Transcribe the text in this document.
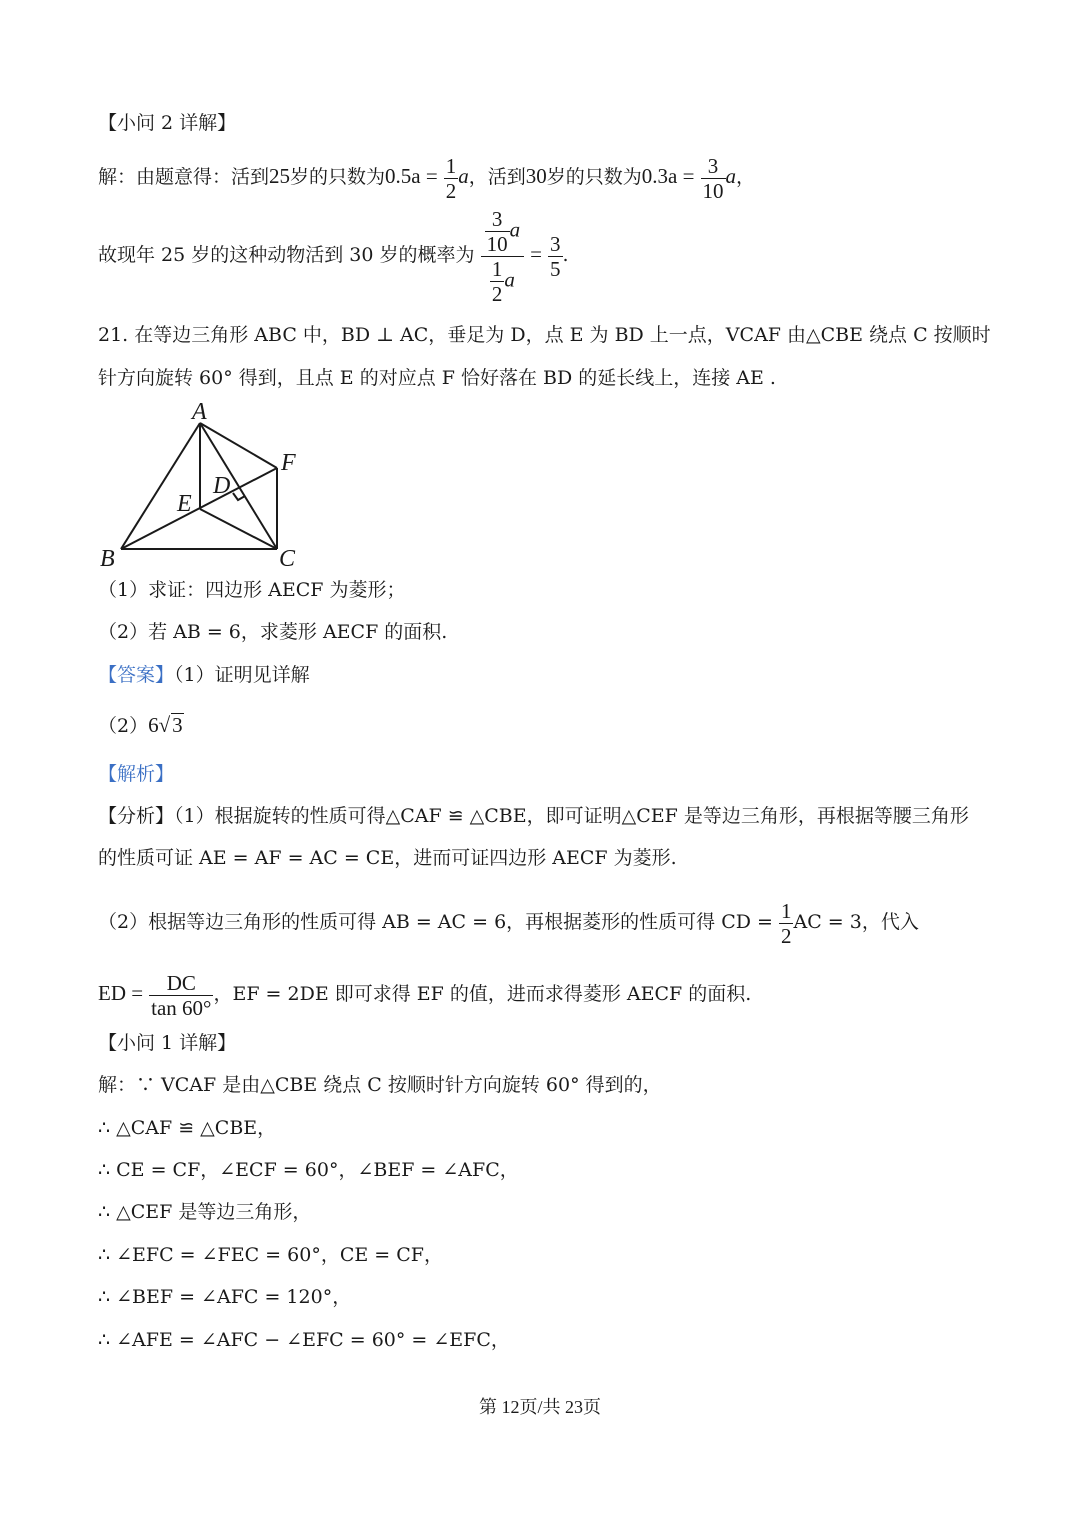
【小问 2 详解】
解：由题意得：活到25岁的只数为$0.5a = \frac{1}{2}$ a，活到30岁的只数为$0.3a = \frac{3}{10}$ a，
故现年 25 岁的这种动物活到 30 岁的概率为 $\frac{\frac{3}{10} a}{\frac{1}{2} a} = \frac{3}{5}$ .
21. 在等边三角形 ABC 中，BD ⊥ AC，垂足为 D，点 E 为 BD 上一点，VCAF 由△CBE 绕点 C 按顺时
针方向旋转 60° 得到，且点 E 的对应点 F 恰好落在 BD 的延长线上，连接 AE .
A
B	C
D
E
F
（1）求证：四边形 AECF 为菱形；
（2）若 AB = 6，求菱形 AECF 的面积.
【答案】（1）证明见详解
（2）6√3
【解析】
【分析】（1）根据旋转的性质可得△CAF ≌ △CBE，即可证明△CEF 是等边三角形，再根据等腰三角形
的性质可证 AE = AF = AC = CE，进而可证四边形 AECF 为菱形.
（2）根据等边三角形的性质可得 AB = AC = 6，再根据菱形的性质可得 CD = $\frac{1}{2}$ AC = 3，代入
ED = $\frac{DC}{\tan 60^\circ}$ ，EF = 2DE 即可求得 EF 的值，进而求得菱形 AECF 的面积.
【小问 1 详解】
解：∵ VCAF 是由△CBE 绕点 C 按顺时针方向旋转 60° 得到的，
∴ △CAF ≌ △CBE，
∴ CE = CF，∠ECF = 60°，∠BEF = ∠AFC，
∴ △CEF 是等边三角形，
∴ ∠EFC = ∠FEC = 60°，CE = CF，
∴ ∠BEF = ∠AFC = 120°，
∴ ∠AFE = ∠AFC − ∠EFC = 60° = ∠EFC，
第 12页/共 23页
